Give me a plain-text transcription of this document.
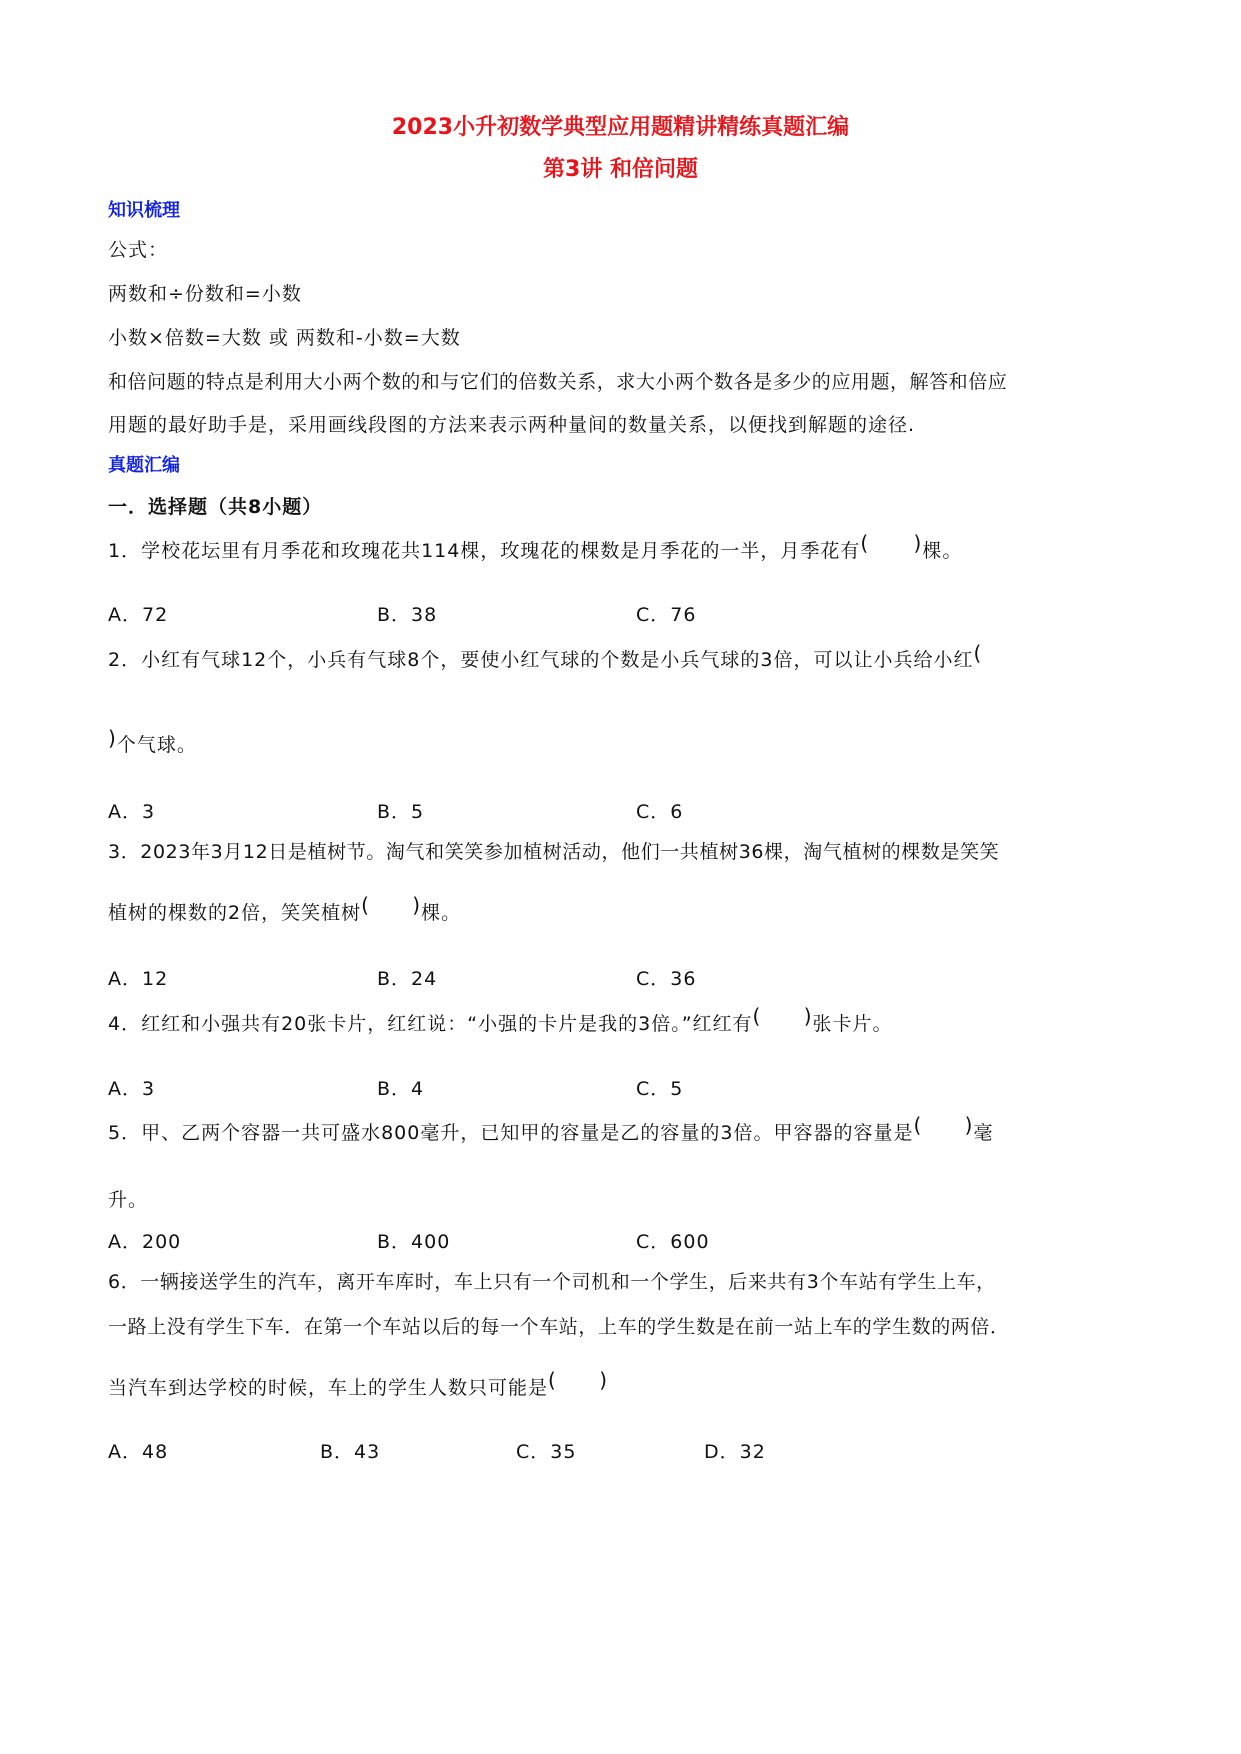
2023小升初数学典型应用题精讲精练真题汇编
第3讲 和倍问题
知识梳理
公式：
两数和÷份数和=小数
小数×倍数=大数 或 两数和-小数=大数
和倍问题的特点是利用大小两个数的和与它们的倍数关系，求大小两个数各是多少的应用题，解答和倍应
用题的最好助手是，采用画线段图的方法来表示两种量间的数量关系，以便找到解题的途径.
真题汇编
一．选择题（共8小题）
1．学校花坛里有月季花和玫瑰花共114棵，玫瑰花的棵数是月季花的一半，月季花有 ( ) 棵。
A．72	B．38	C．76
2．小红有气球12个，小兵有气球8个，要使小红气球的个数是小兵气球的3倍，可以让小兵给小红(
)个气球。
A．3	B．5	C．6
3．2023年3月12日是植树节。淘气和笑笑参加植树活动，他们一共植树36棵，淘气植树的棵数是笑笑
植树的棵数的2倍，笑笑植树 ( ) 棵。
A．12	B．24	C．36
4．红红和小强共有20张卡片，红红说：“小强的卡片是我的3倍。”红红有 ( ) 张卡片。
A．3	B．4	C．5
5．甲、乙两个容器一共可盛水800毫升，已知甲的容量是乙的容量的3倍。甲容器的容量是 ( ) 毫
升。
A．200	B．400	C．600
6．一辆接送学生的汽车，离开车库时，车上只有一个司机和一个学生，后来共有3个车站有学生上车，
一路上没有学生下车．在第一个车站以后的每一个车站，上车的学生数是在前一站上车的学生数的两倍．
当汽车到达学校的时候，车上的学生人数只可能是 ( )
A．48	B．43	C．35	D．32
